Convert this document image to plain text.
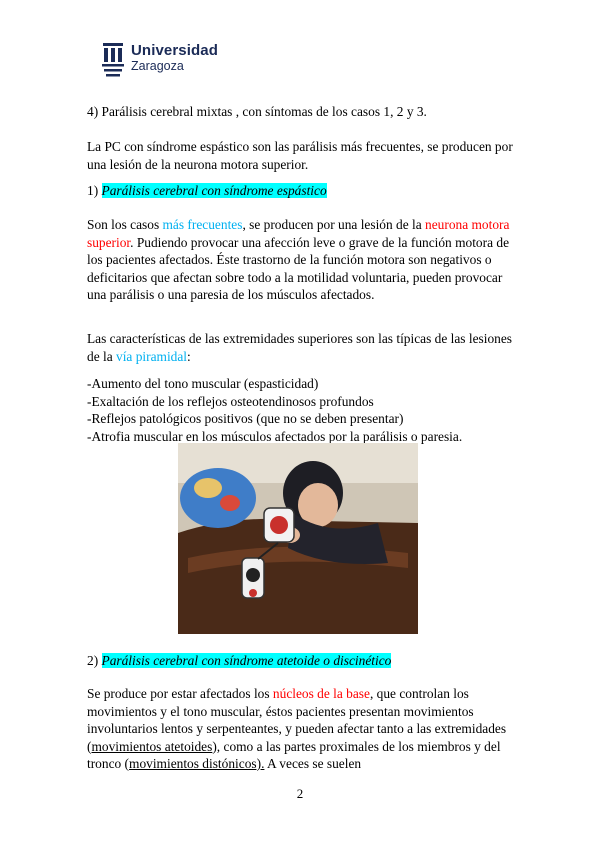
Universidad
Zaragoza
4) Parálisis cerebral mixtas , con síntomas de los casos 1, 2 y 3.
La PC con síndrome espástico son las parálisis más frecuentes, se producen por una lesión de la neurona motora superior.
1) Parálisis cerebral con síndrome espástico
Son los casos más frecuentes, se producen por una lesión de la neurona motora superior. Pudiendo provocar una afección leve o grave de la función motora de los pacientes afectados. Éste trastorno de la función motora son negativos o deficitarios que afectan sobre todo a la motilidad voluntaria, pueden provocar una parálisis o una paresia de los músculos afectados.
Las características de las extremidades superiores son las típicas de las lesiones de la vía piramidal:
-Aumento del tono muscular (espasticidad)
-Exaltación de los reflejos osteotendinosos profundos
-Reflejos patológicos positivos (que no se deben presentar)
-Atrofia muscular en los músculos afectados por la parálisis o paresia.
2) Parálisis cerebral con síndrome atetoide o discinético
Se produce por estar afectados los núcleos de la base, que controlan los movimientos y el tono muscular, éstos pacientes presentan movimientos involuntarios lentos y serpenteantes, y pueden afectar tanto a las extremidades (movimientos atetoides), como a las partes proximales de los miembros y del tronco (movimientos distónicos). A veces se suelen
2
